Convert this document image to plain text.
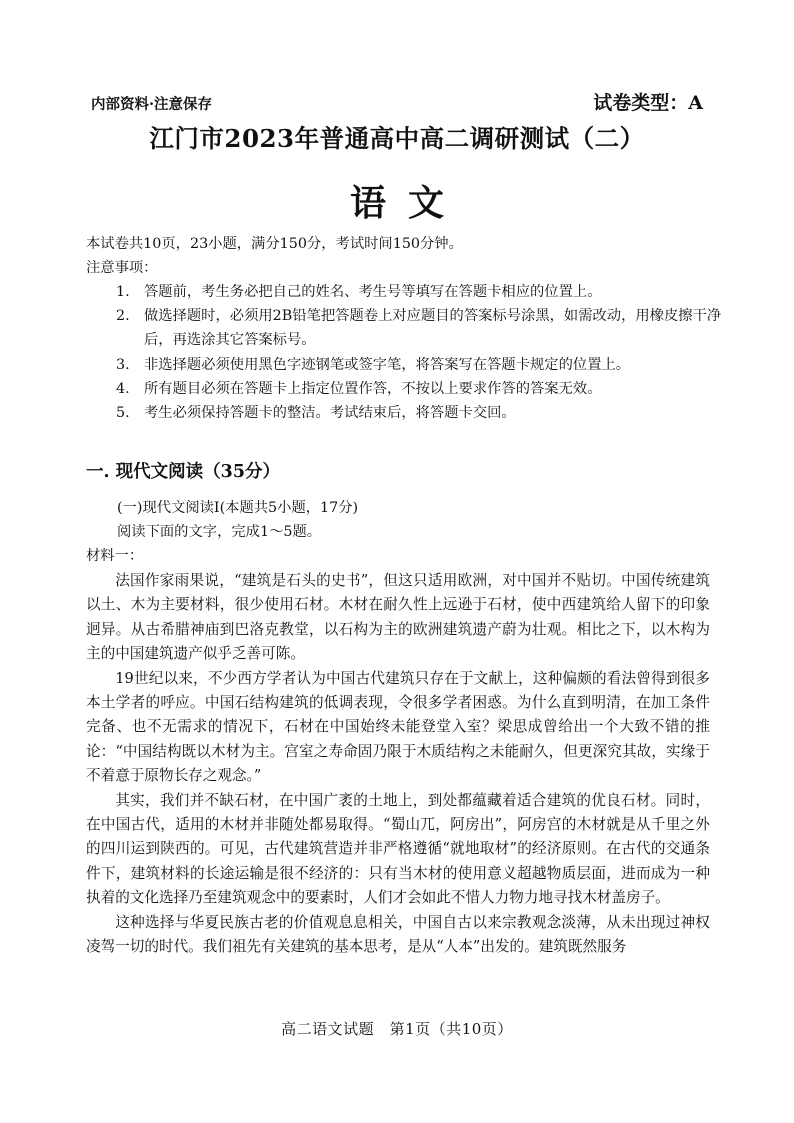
内部资料·注意保存	试卷类型：A
江门市2023年普通高中高二调研测试（二）
语文
本试卷共10页，23小题，满分150分，考试时间150分钟。
注意事项：
1. 答题前，考生务必把自己的姓名、考生号等填写在答题卡相应的位置上。
2. 做选择题时，必须用2B铅笔把答题卷上对应题目的答案标号涂黑，如需改动，用橡皮擦干净后，再选涂其它答案标号。
3. 非选择题必须使用黑色字迹钢笔或签字笔，将答案写在答题卡规定的位置上。
4. 所有题目必须在答题卡上指定位置作答，不按以上要求作答的答案无效。
5. 考生必须保持答题卡的整洁。考试结束后，将答题卡交回。
一. 现代文阅读（35分）
(一)现代文阅读Ⅰ(本题共5小题，17分)
阅读下面的文字，完成1～5题。
材料一：

法国作家雨果说，“建筑是石头的史书”，但这只适用欧洲，对中国并不贴切。中国传统建筑以土、木为主要材料，很少使用石材。木材在耐久性上远逊于石材，使中西建筑给人留下的印象迥异。从古希腊神庙到巴洛克教堂，以石构为主的欧洲建筑遗产蔚为壮观。相比之下，以木构为主的中国建筑遗产似乎乏善可陈。

19世纪以来，不少西方学者认为中国古代建筑只存在于文献上，这种偏颇的看法曾得到很多本土学者的呼应。中国石结构建筑的低调表现，令很多学者困惑。为什么直到明清，在加工条件完备、也不无需求的情况下，石材在中国始终未能登堂入室？梁思成曾给出一个大致不错的推论：“中国结构既以木材为主。宫室之寿命固乃限于木质结构之未能耐久，但更深究其故，实缘于不着意于原物长存之观念。”

其实，我们并不缺石材，在中国广袤的土地上，到处都蕴藏着适合建筑的优良石材。同时，在中国古代，适用的木材并非随处都易取得。“蜀山兀，阿房出”，阿房宫的木材就是从千里之外的四川运到陕西的。可见，古代建筑营造并非严格遵循“就地取材”的经济原则。在古代的交通条件下，建筑材料的长途运输是很不经济的：只有当木材的使用意义超越物质层面，进而成为一种执着的文化选择乃至建筑观念中的要素时，人们才会如此不惜人力物力地寻找木材盖房子。

这种选择与华夏民族古老的价值观息息相关，中国自古以来宗教观念淡薄，从未出现过神权凌驾一切的时代。我们祖先有关建筑的基本思考，是从“人本”出发的。建筑既然服务

高二语文试题　第1页（共10页）
